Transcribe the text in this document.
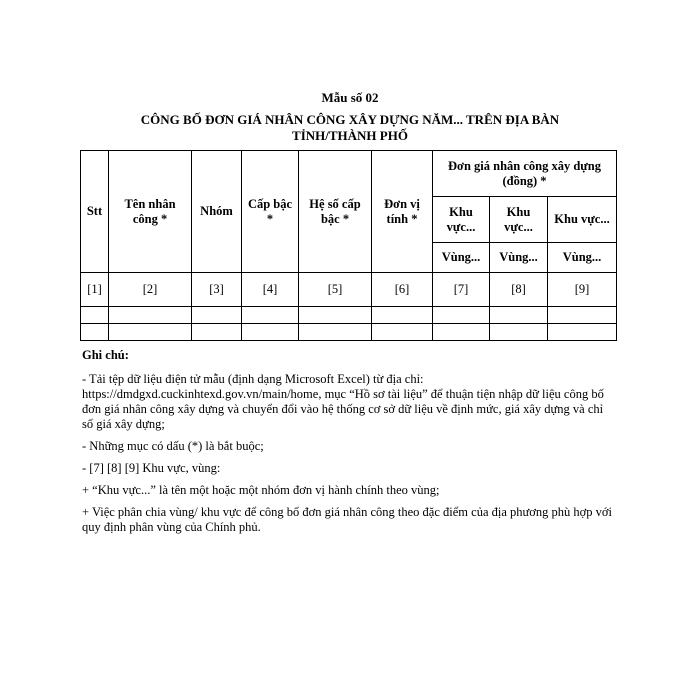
Mẫu số 02
CÔNG BỐ ĐƠN GIÁ NHÂN CÔNG XÂY DỰNG NĂM... TRÊN ĐỊA BÀN TỈNH/THÀNH PHỐ
Stt	Tên nhân công *	Nhóm	Cấp bậc *	Hệ số cấp bậc *	Đơn vị tính *	Đơn giá nhân công xây dựng (đồng) *		
						Khu vực...	Khu vực...	Khu vực...
						Vùng...	Vùng...	Vùng...
[1]	[2]	[3]	[4]	[5]	[6]	[7]	[8]	[9]

Ghi chú:

- Tải tệp dữ liệu điện tử mẫu (định dạng Microsoft Excel) từ địa chỉ: https://dmdgxd.cuckinhtexd.gov.vn/main/home, mục “Hồ sơ tài liệu” để thuận tiện nhập dữ liệu công bố đơn giá nhân công xây dựng và chuyển đổi vào hệ thống cơ sở dữ liệu về định mức, giá xây dựng và chỉ số giá xây dựng;

- Những mục có dấu (*) là bắt buộc;

- [7] [8] [9] Khu vực, vùng:

+ “Khu vực...” là tên một hoặc một nhóm đơn vị hành chính theo vùng;

+ Việc phân chia vùng/ khu vực để công bố đơn giá nhân công theo đặc điểm của địa phương phù hợp với quy định phân vùng của Chính phủ.
